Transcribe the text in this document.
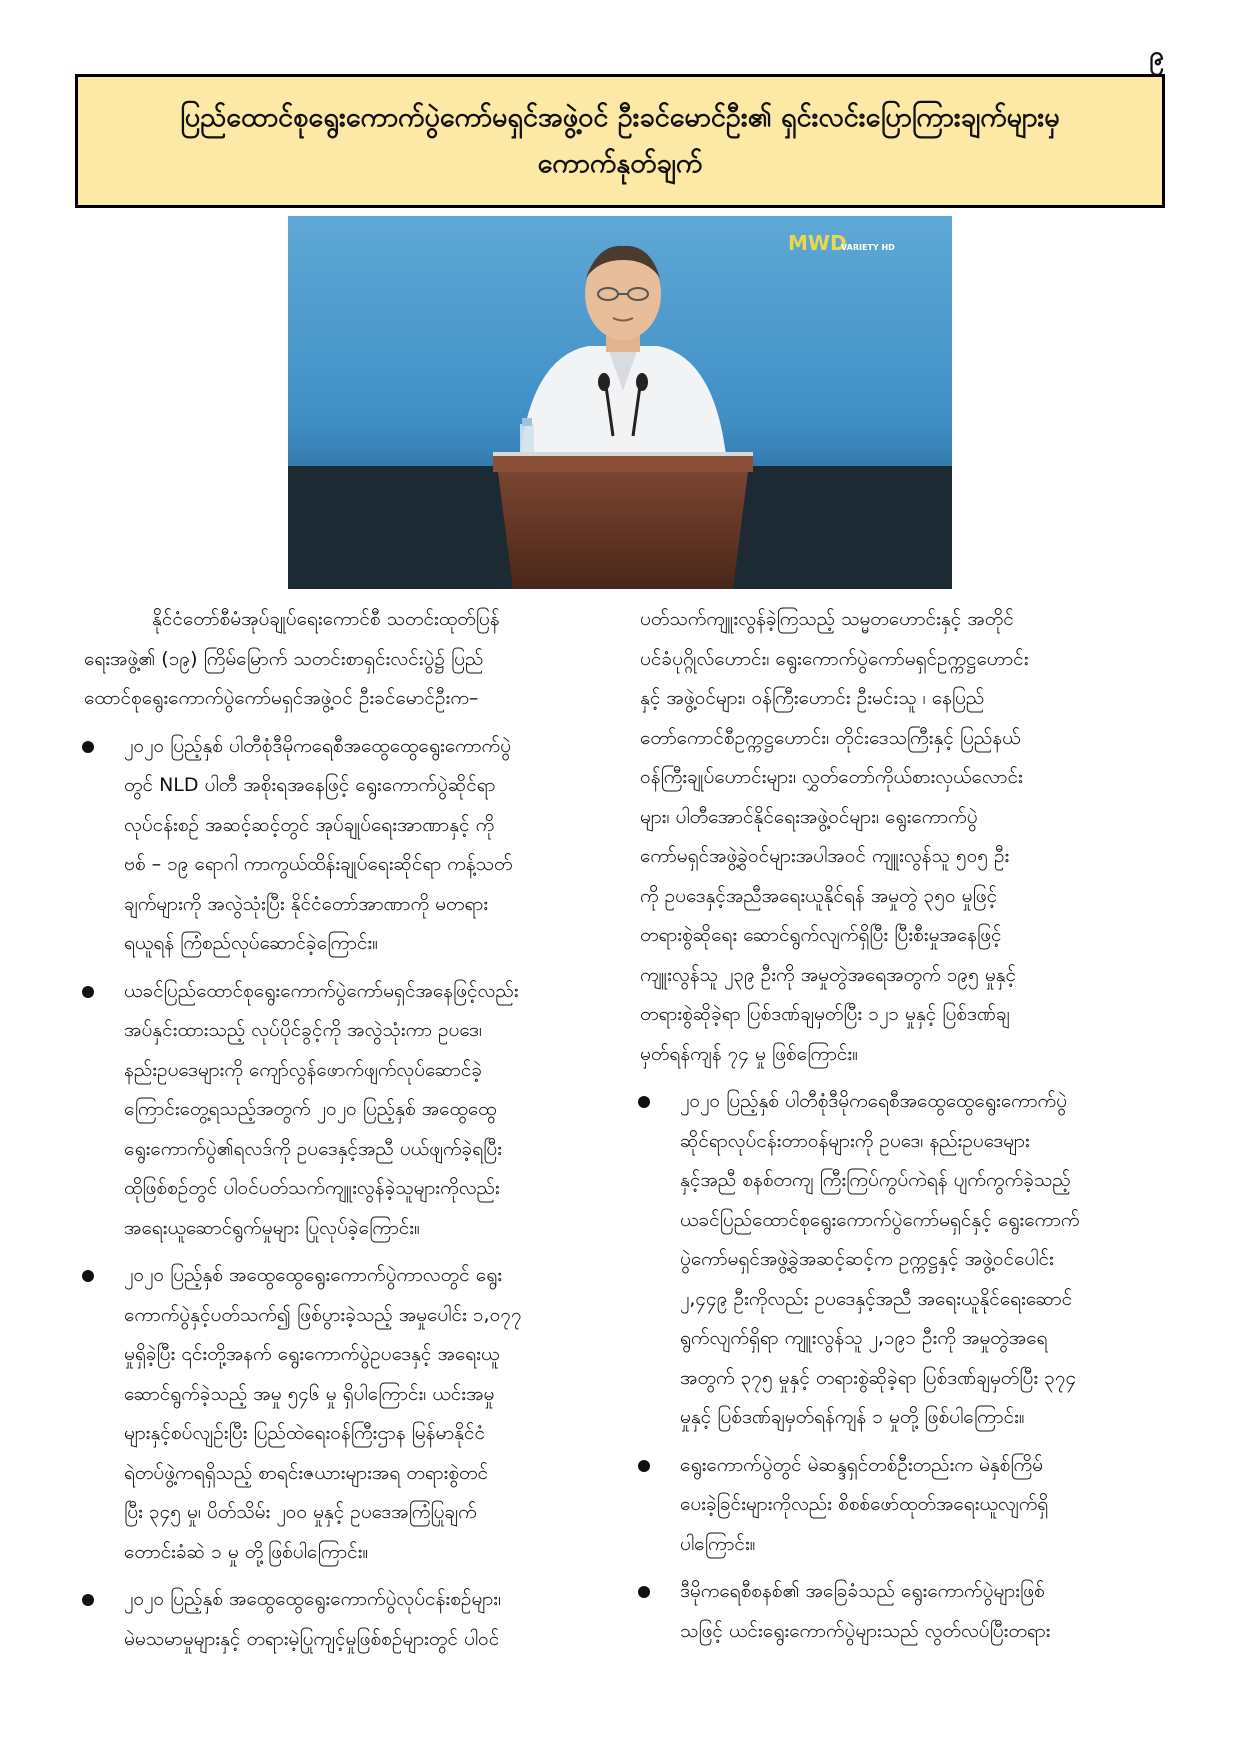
၉
ပြည်ထောင်စုရွေးကောက်ပွဲကော်မရှင်အဖွဲ့ဝင် ဦးခင်မောင်ဦး၏ ရှင်းလင်းပြောကြားချက်များမှ
ကောက်နုတ်ချက်
MWD
VARIETY HD
နိုင်ငံတော်စီမံအုပ်ချုပ်ရေးကောင်စီ သတင်းထုတ်ပြန်
ရေးအဖွဲ့၏ (၁၉) ကြိမ်မြောက် သတင်းစာရှင်းလင်းပွဲ၌ ပြည်
ထောင်စုရွေးကောက်ပွဲကော်မရှင်အဖွဲ့ဝင် ဦးခင်မောင်ဦးက–
၂၀၂၀ ပြည့်နှစ် ပါတီစုံဒီမိုကရေစီအထွေထွေရွေးကောက်ပွဲ
တွင် NLD ပါတီ အစိုးရအနေဖြင့် ရွေးကောက်ပွဲဆိုင်ရာ
လုပ်ငန်းစဉ် အဆင့်ဆင့်တွင် အုပ်ချုပ်ရေးအာဏာနှင့် ကို
ဗစ် – ၁၉ ရောဂါ ကာကွယ်ထိန်းချုပ်ရေးဆိုင်ရာ ကန့်သတ်
ချက်များကို အလွဲသုံးပြီး နိုင်ငံတော်အာဏာကို မတရား
ရယူရန် ကြံစည်လုပ်ဆောင်ခဲ့ကြောင်း။
ယခင်ပြည်ထောင်စုရွေးကောက်ပွဲကော်မရှင်အနေဖြင့်လည်း
အပ်နှင်းထားသည့် လုပ်ပိုင်ခွင့်ကို အလွဲသုံးကာ ဥပဒေ၊
နည်းဥပဒေများကို ကျော်လွန်ဖောက်ဖျက်လုပ်ဆောင်ခဲ့
ကြောင်းတွေ့ရသည့်အတွက် ၂၀၂၀ ပြည့်နှစ် အထွေထွေ
ရွေးကောက်ပွဲ၏ရလဒ်ကို ဥပဒေနှင့်အညီ ပယ်ဖျက်ခဲ့ရပြီး
ထိုဖြစ်စဉ်တွင် ပါဝင်ပတ်သက်ကျူးလွန်ခဲ့သူများကိုလည်း
အရေးယူဆောင်ရွက်မှုများ ပြုလုပ်ခဲ့ကြောင်း။
၂၀၂၀ ပြည့်နှစ် အထွေထွေရွေးကောက်ပွဲကာလတွင် ရွေး
ကောက်ပွဲနှင့်ပတ်သက်၍ ဖြစ်ပွားခဲ့သည့် အမှုပေါင်း ၁,၀၇၇
မှုရှိခဲ့ပြီး ၎င်းတို့အနက် ရွေးကောက်ပွဲဥပဒေနှင့် အရေးယူ
ဆောင်ရွက်ခဲ့သည့် အမှု ၅၄၆ မှု ရှိပါကြောင်း၊ ယင်းအမှု
များနှင့်စပ်လျဉ်းပြီး ပြည်ထဲရေးဝန်ကြီးဌာန မြန်မာနိုင်ငံ
ရဲတပ်ဖွဲ့ကရရှိသည့် စာရင်းဇယားများအရ တရားစွဲတင်
ပြီး ၃၄၅ မှု၊ ပိတ်သိမ်း ၂၀၀ မှုနှင့် ဥပဒေအကြံပြုချက်
တောင်းခံဆဲ ၁ မှု တို့ဖြစ်ပါကြောင်း။
၂၀၂၀ ပြည့်နှစ် အထွေထွေရွေးကောက်ပွဲလုပ်ငန်းစဉ်များ၊
မဲမသမာမှုများနှင့် တရားမဲ့ပြုကျင့်မှုဖြစ်စဉ်များတွင် ပါဝင်
ပတ်သက်ကျူးလွန်ခဲ့ကြသည့် သမ္မတဟောင်းနှင့် အတိုင်
ပင်ခံပုဂ္ဂိုလ်ဟောင်း၊ ရွေးကောက်ပွဲကော်မရှင်ဥက္ကဋ္ဌဟောင်း
နှင့် အဖွဲ့ဝင်များ၊ ဝန်ကြီးဟောင်း ဦးမင်းသူ ၊ နေပြည်
တော်ကောင်စီဥက္ကဋ္ဌဟောင်း၊ တိုင်းဒေသကြီးနှင့် ပြည်နယ်
ဝန်ကြီးချုပ်ဟောင်းများ၊ လွှတ်တော်ကိုယ်စားလှယ်လောင်း
များ၊ ပါတီအောင်နိုင်ရေးအဖွဲ့ဝင်များ၊ ရွေးကောက်ပွဲ
ကော်မရှင်အဖွဲ့ခွဲဝင်များအပါအဝင် ကျူးလွန်သူ ၅၀၅ ဦး
ကို ဥပဒေနှင့်အညီအရေးယူနိုင်ရန် အမှုတွဲ ၃၅၀ မှုဖြင့်
တရားစွဲဆိုရေး ဆောင်ရွက်လျက်ရှိပြီး ပြီးစီးမှုအနေဖြင့်
ကျူးလွန်သူ ၂၃၉ ဦးကို အမှုတွဲအရေအတွက် ၁၉၅ မှုနှင့်
တရားစွဲဆိုခဲ့ရာ ပြစ်ဒဏ်ချမှတ်ပြီး ၁၂၁ မှုနှင့် ပြစ်ဒဏ်ချ
မှတ်ရန်ကျန် ၇၄ မှု ဖြစ်ကြောင်း။
၂၀၂၀ ပြည့်နှစ် ပါတီစုံဒီမိုကရေစီအထွေထွေရွေးကောက်ပွဲ
ဆိုင်ရာလုပ်ငန်းတာဝန်များကို ဥပဒေ၊ နည်းဥပဒေများ
နှင့်အညီ စနစ်တကျ ကြီးကြပ်ကွပ်ကဲရန် ပျက်ကွက်ခဲ့သည့်
ယခင်ပြည်ထောင်စုရွေးကောက်ပွဲကော်မရှင်နှင့် ရွေးကောက်
ပွဲကော်မရှင်အဖွဲ့ခွဲအဆင့်ဆင့်က ဥက္ကဋ္ဌနှင့် အဖွဲ့ဝင်ပေါင်း
၂,၄၄၉ ဦးကိုလည်း ဥပဒေနှင့်အညီ အရေးယူနိုင်ရေးဆောင်
ရွက်လျက်ရှိရာ ကျူးလွန်သူ ၂,၁၉၁ ဦးကို အမှုတွဲအရေ
အတွက် ၃၇၅ မှုနှင့် တရားစွဲဆိုခဲ့ရာ ပြစ်ဒဏ်ချမှတ်ပြီး ၃၇၄
မှုနှင့် ပြစ်ဒဏ်ချမှတ်ရန်ကျန် ၁ မှုတို့ ဖြစ်ပါကြောင်း။
ရွေးကောက်ပွဲတွင် မဲဆန္ဒရှင်တစ်ဦးတည်းက မဲနှစ်ကြိမ်
ပေးခဲ့ခြင်းများကိုလည်း စိစစ်ဖော်ထုတ်အရေးယူလျက်ရှိ
ပါကြောင်း။
ဒီမိုကရေစီစနစ်၏ အခြေခံသည် ရွေးကောက်ပွဲများဖြစ်
သဖြင့် ယင်းရွေးကောက်ပွဲများသည် လွတ်လပ်ပြီးတရား
